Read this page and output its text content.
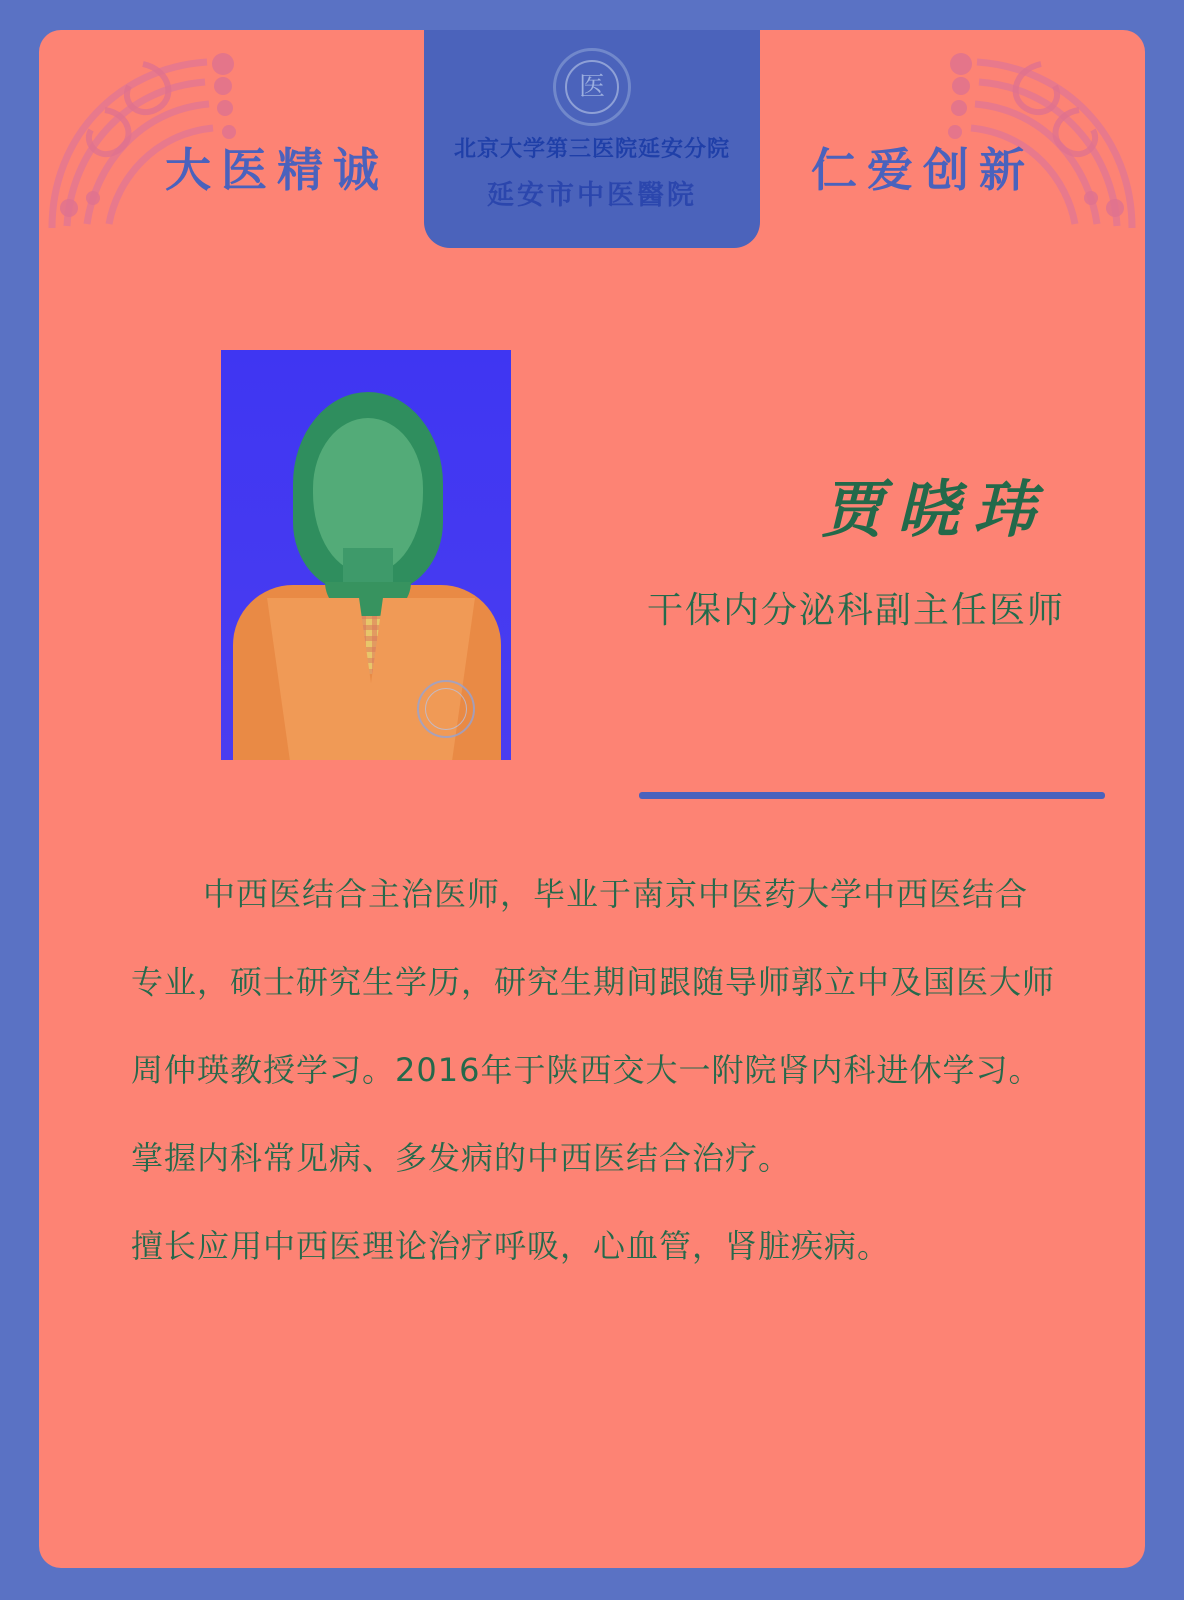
大医精诚	仁爱创新
医
北京大学第三医院延安分院
延安市中医醫院
贾晓玮
干保内分泌科副主任医师

中西医结合主治医师，毕业于南京中医药大学中西医结合专业，硕士研究生学历，研究生期间跟随导师郭立中及国医大师周仲瑛教授学习。2016年于陕西交大一附院肾内科进休学习。掌握内科常见病、多发病的中西医结合治疗。

擅长应用中西医理论治疗呼吸，心血管，肾脏疾病。
